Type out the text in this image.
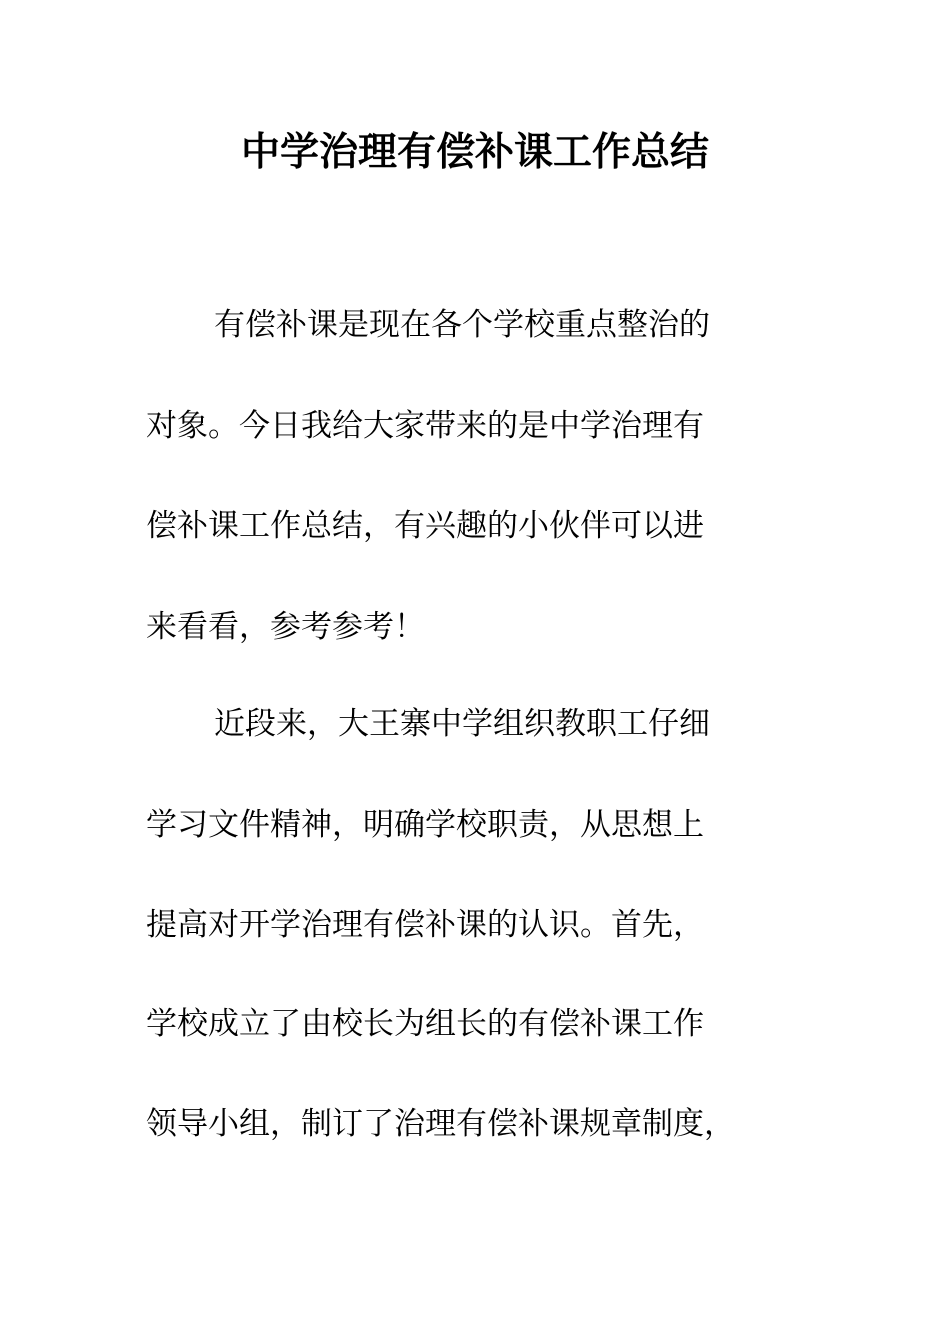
中学治理有偿补课工作总结
有偿补课是现在各个学校重点整治的
对象。今日我给大家带来的是中学治理有
偿补课工作总结，有兴趣的小伙伴可以进
来看看，参考参考！
近段来，大王寨中学组织教职工仔细
学习文件精神，明确学校职责，从思想上
提高对开学治理有偿补课的认识。首先，
学校成立了由校长为组长的有偿补课工作
领导小组，制订了治理有偿补课规章制度，
